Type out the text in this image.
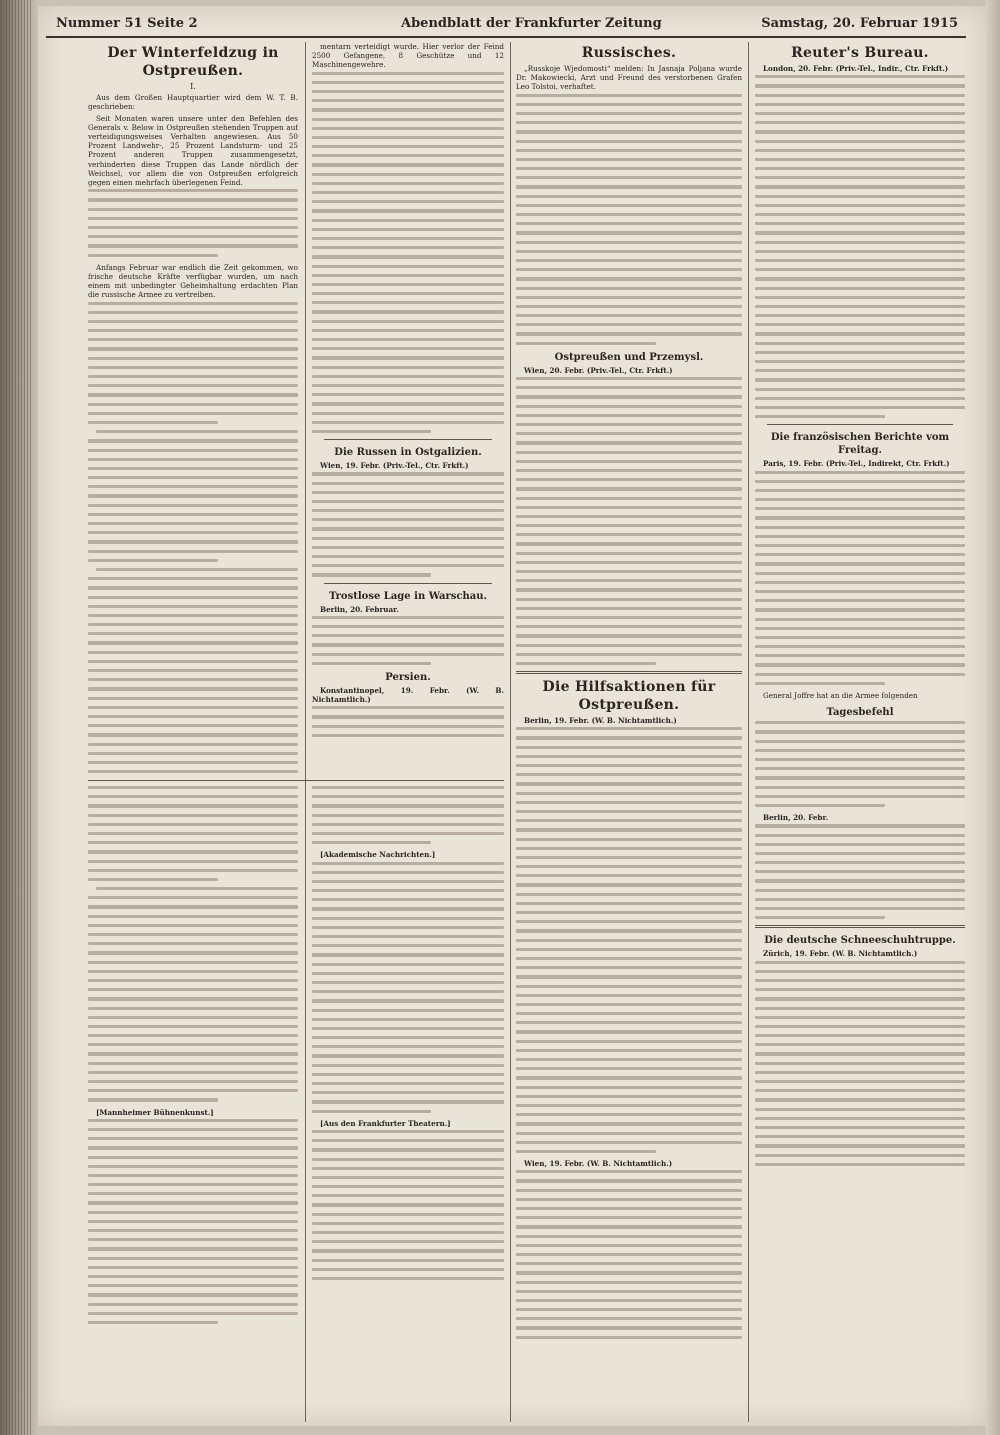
Nummer 51 Seite 2	Abendblatt der Frankfurter Zeitung	Samstag, 20. Februar 1915
Der Winterfeldzug in Ostpreußen.
I.

Aus dem Großen Hauptquartier wird dem W. T. B. geschrieben:

Seit Monaten waren unsere unter den Befehlen des Generals v. Below in Ostpreußen stehenden Truppen auf verteidigungsweises Verhalten angewiesen. Aus 50 Prozent Landwehr-, 25 Prozent Landsturm- und 25 Prozent anderen Truppen zusammengesetzt, verhinderten diese Truppen das Lande nördlich der Weichsel, vor allem die von Ostpreußen erfolgreich gegen einen mehrfach überlegenen Feind.

Anfangs Februar war endlich die Zeit gekommen, wo frische deutsche Kräfte verfügbar wurden, um nach einem mit unbedingter Geheimhaltung erdachten Plan die russische Armee zu vertreiben.

mentarn verteidigt wurde. Hier verlor der Feind 2500 Gefangene, 8 Geschütze und 12 Maschinengewehre.

Die Russen in Ostgalizien.

Wien, 19. Febr. (Priv.-Tel., Ctr. Frkft.)

Trostlose Lage in Warschau.

Berlin, 20. Februar.

Persien.

Konstantinopel, 19. Febr. (W. B. Nichtamtlich.)

Russisches.

„Russkoje Wjedomosti“ melden: In Jasnaja Poljana wurde Dr. Makowiecki, Arzt und Freund des verstorbenen Grafen Leo Tolstoi, verhaftet.

Ostpreußen und Przemysl.

Wien, 20. Febr. (Priv.-Tel., Ctr. Frkft.)

Die Hilfsaktionen für Ostpreußen.

Berlin, 19. Febr. (W. B. Nichtamtlich.)

Wien, 19. Febr. (W. B. Nichtamtlich.)

Reuter's Bureau.

London, 20. Febr. (Priv.-Tel., Indir., Ctr. Frkft.)

Die französischen Berichte vom Freitag.

Paris, 19. Febr. (Priv.-Tel., Indirekt, Ctr. Frkft.)

General Joffre hat an die Armee folgenden

Tagesbefehl

Berlin, 20. Febr.

Die deutsche Schneeschuhtruppe.

Zürich, 19. Febr. (W. B. Nichtamtlich.)

[Mannheimer Bühnenkunst.]

[Akademische Nachrichten.]

[Aus den Frankfurter Theatern.]
